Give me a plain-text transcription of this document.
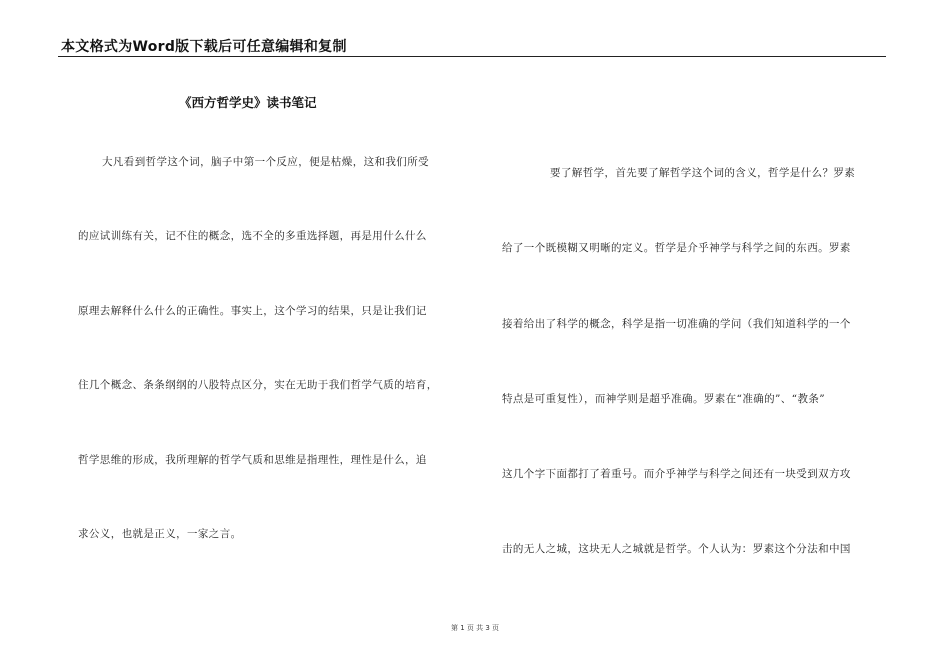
本文格式为Word版下载后可任意编辑和复制
《西方哲学史》读书笔记
大凡看到哲学这个词，脑子中第一个反应，便是枯燥，这和我们所受
的应试训练有关，记不住的概念，选不全的多重选择题，再是用什么什么
原理去解释什么什么的正确性。事实上，这个学习的结果，只是让我们记
住几个概念、条条纲纲的八股特点区分，实在无助于我们哲学气质的培育，
哲学思维的形成，我所理解的哲学气质和思维是指理性，理性是什么，追
求公义，也就是正义，一家之言。
要了解哲学，首先要了解哲学这个词的含义，哲学是什么？罗素
给了一个既模糊又明晰的定义。哲学是介乎神学与科学之间的东西。罗素
接着给出了科学的概念，科学是指一切准确的学问（我们知道科学的一个
特点是可重复性），而神学则是超乎准确。罗素在“准确的”、“教条”
这几个字下面都打了着重号。而介乎神学与科学之间还有一块受到双方攻
击的无人之城，这块无人之城就是哲学。个人认为：罗素这个分法和中国
第 1 页 共 3 页
